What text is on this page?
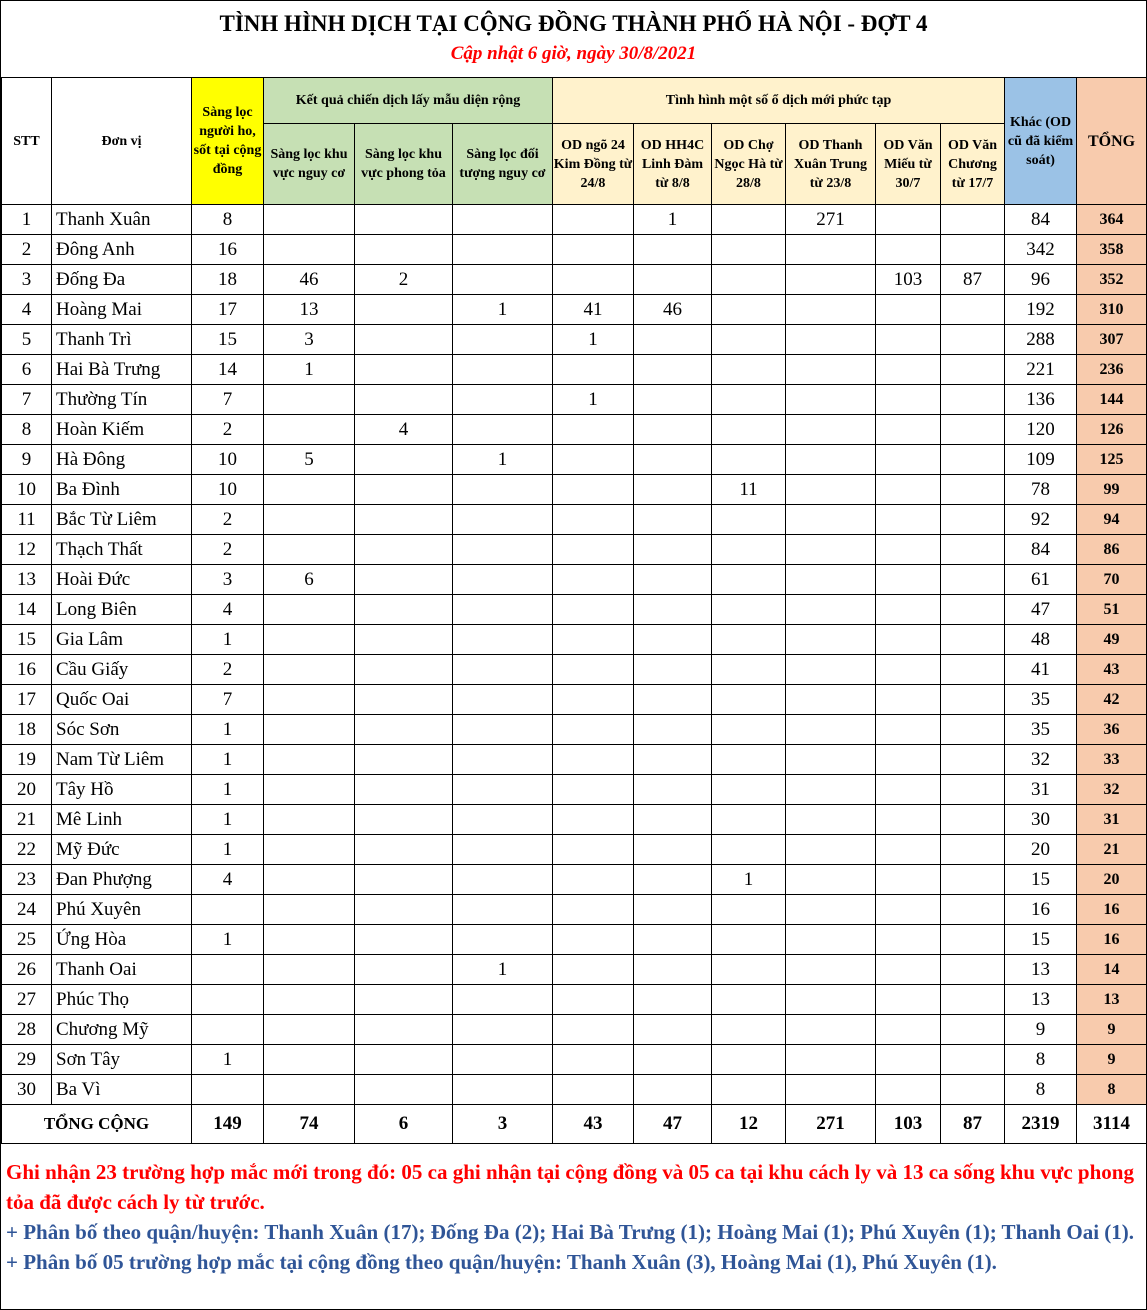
TÌNH HÌNH DỊCH TẠI CỘNG ĐỒNG THÀNH PHỐ HÀ NỘI - ĐỢT 4
Cập nhật 6 giờ, ngày 30/8/2021
STT	Đơn vị	Sàng lọc người ho, sốt tại cộng đồng	Kết quả chiến dịch lấy mẫu diện rộng			Tình hình một số ổ dịch mới phức tạp						Khác (OD cũ đã kiểm soát)	TỔNG
			Sàng lọc khu vực nguy cơ	Sàng lọc khu vực phong tỏa	Sàng lọc đối tượng nguy cơ	OD ngõ 24 Kim Đồng từ 24/8	OD HH4C Linh Đàm từ 8/8	OD Chợ Ngọc Hà từ 28/8	OD Thanh Xuân Trung từ 23/8	OD Văn Miếu từ 30/7	OD Văn Chương từ 17/7		
1	Thanh Xuân	8					1		271			84	364
2	Đông Anh	16										342	358
3	Đống Đa	18	46	2						103	87	96	352
4	Hoàng Mai	17	13		1	41	46					192	310
5	Thanh Trì	15	3			1						288	307
6	Hai Bà Trưng	14	1									221	236
7	Thường Tín	7				1						136	144
8	Hoàn Kiếm	2		4								120	126
9	Hà Đông	10	5		1							109	125
10	Ba Đình	10						11				78	99
11	Bắc Từ Liêm	2										92	94
12	Thạch Thất	2										84	86
13	Hoài Đức	3	6									61	70
14	Long Biên	4										47	51
15	Gia Lâm	1										48	49
16	Cầu Giấy	2										41	43
17	Quốc Oai	7										35	42
18	Sóc Sơn	1										35	36
19	Nam Từ Liêm	1										32	33
20	Tây Hồ	1										31	32
21	Mê Linh	1										30	31
22	Mỹ Đức	1										20	21
23	Đan Phượng	4						1				15	20
24	Phú Xuyên											16	16
25	Ứng Hòa	1										15	16
26	Thanh Oai				1							13	14
27	Phúc Thọ											13	13
28	Chương Mỹ											9	9
29	Sơn Tây	1										8	9
30	Ba Vì											8	8
TỔNG CỘNG		149	74	6	3	43	47	12	271	103	87	2319	3114
Ghi nhận 23 trường hợp mắc mới trong đó: 05 ca ghi nhận tại cộng đồng và 05 ca tại khu cách ly và 13 ca sống khu vực phong tỏa đã được cách ly từ trước.
+ Phân bố theo quận/huyện: Thanh Xuân (17); Đống Đa (2); Hai Bà Trưng (1); Hoàng Mai (1); Phú Xuyên (1); Thanh Oai (1).
+ Phân bố 05 trường hợp mắc tại cộng đồng theo quận/huyện: Thanh Xuân (3), Hoàng Mai (1), Phú Xuyên (1).
